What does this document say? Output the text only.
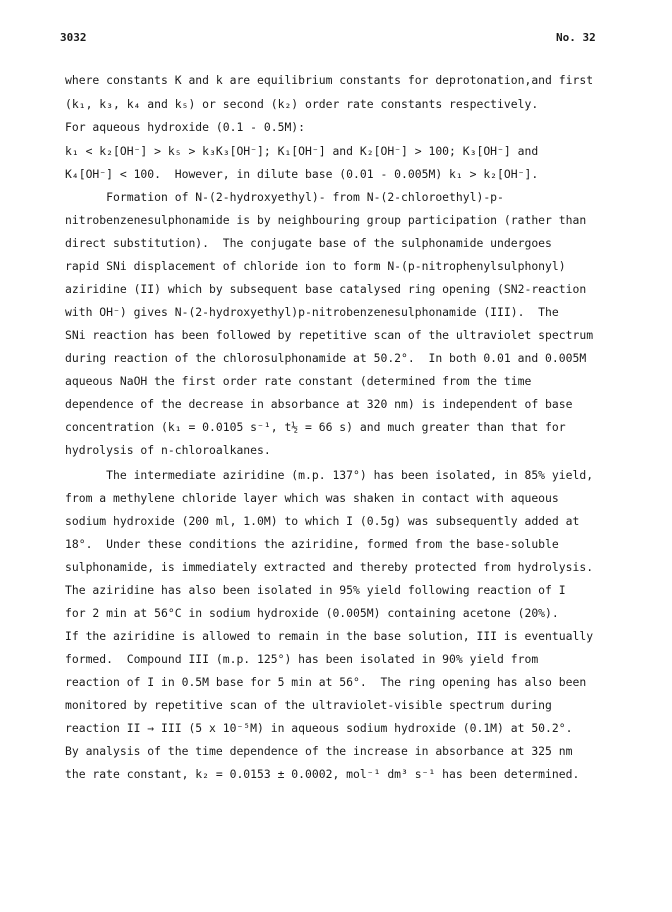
3032	No. 32
where constants K and k are equilibrium constants for deprotonation,and first
(k₁, k₃, k₄ and k₅) or second (k₂) order rate constants respectively.
For aqueous hydroxide (0.1 - 0.5M):
k₁ < k₂[OH⁻] > k₅ > k₃K₃[OH⁻]; K₁[OH⁻] and K₂[OH⁻] > 100; K₃[OH⁻] and
K₄[OH⁻] < 100.  However, in dilute base (0.01 - 0.005M) k₁ > k₂[OH⁻].
Formation of N-(2-hydroxyethyl)- from N-(2-chloroethyl)-p-
nitrobenzenesulphonamide is by neighbouring group participation (rather than
direct substitution).  The conjugate base of the sulphonamide undergoes
rapid SNi displacement of chloride ion to form N-(p-nitrophenylsulphonyl)
aziridine (II) which by subsequent base catalysed ring opening (SN2-reaction
with OH⁻) gives N-(2-hydroxyethyl)p-nitrobenzenesulphonamide (III).  The
SNi reaction has been followed by repetitive scan of the ultraviolet spectrum
during reaction of the chlorosulphonamide at 50.2°.  In both 0.01 and 0.005M
aqueous NaOH the first order rate constant (determined from the time
dependence of the decrease in absorbance at 320 nm) is independent of base
concentration (k₁ = 0.0105 s⁻¹, t½ = 66 s) and much greater than that for
hydrolysis of n-chloroalkanes.
The intermediate aziridine (m.p. 137°) has been isolated, in 85% yield,
from a methylene chloride layer which was shaken in contact with aqueous
sodium hydroxide (200 ml, 1.0M) to which I (0.5g) was subsequently added at
18°.  Under these conditions the aziridine, formed from the base-soluble
sulphonamide, is immediately extracted and thereby protected from hydrolysis.
The aziridine has also been isolated in 95% yield following reaction of I
for 2 min at 56°C in sodium hydroxide (0.005M) containing acetone (20%).
If the aziridine is allowed to remain in the base solution, III is eventually
formed.  Compound III (m.p. 125°) has been isolated in 90% yield from
reaction of I in 0.5M base for 5 min at 56°.  The ring opening has also been
monitored by repetitive scan of the ultraviolet-visible spectrum during
reaction II → III (5 x 10⁻⁵M) in aqueous sodium hydroxide (0.1M) at 50.2°.
By analysis of the time dependence of the increase in absorbance at 325 nm
the rate constant, k₂ = 0.0153 ± 0.0002, mol⁻¹ dm³ s⁻¹ has been determined.
